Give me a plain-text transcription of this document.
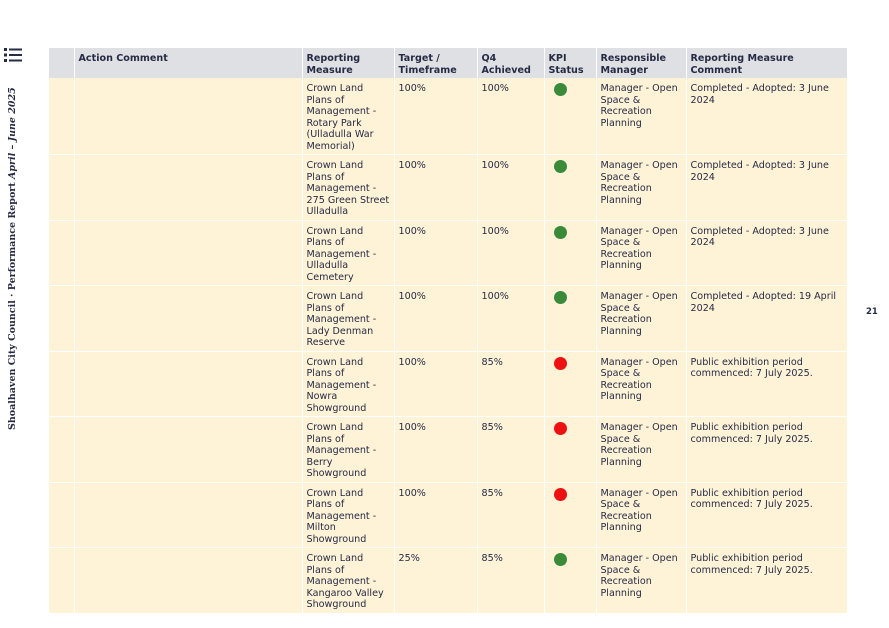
Shoalhaven City Council · Performance Report April – June 2025
21
	Action Comment	Reporting Measure	Target / Timeframe	Q4 Achieved	KPI Status	Responsible Manager	Reporting Measure Comment
		Crown Land Plans of Management - Rotary Park (Ulladulla War Memorial)	100%	100%		Manager - Open Space & Recreation Planning	Completed - Adopted: 3 June 2024
		Crown Land Plans of Management - 275 Green Street Ulladulla	100%	100%		Manager - Open Space & Recreation Planning	Completed - Adopted: 3 June 2024
		Crown Land Plans of Management - Ulladulla Cemetery	100%	100%		Manager - Open Space & Recreation Planning	Completed - Adopted: 3 June 2024
		Crown Land Plans of Management - Lady Denman Reserve	100%	100%		Manager - Open Space & Recreation Planning	Completed - Adopted: 19 April 2024
		Crown Land Plans of Management - Nowra Showground	100%	85%		Manager - Open Space & Recreation Planning	Public exhibition period commenced: 7 July 2025.
		Crown Land Plans of Management - Berry Showground	100%	85%		Manager - Open Space & Recreation Planning	Public exhibition period commenced: 7 July 2025.
		Crown Land Plans of Management - Milton Showground	100%	85%		Manager - Open Space & Recreation Planning	Public exhibition period commenced: 7 July 2025.
		Crown Land Plans of Management - Kangaroo Valley Showground	25%	85%		Manager - Open Space & Recreation Planning	Public exhibition period commenced: 7 July 2025.
